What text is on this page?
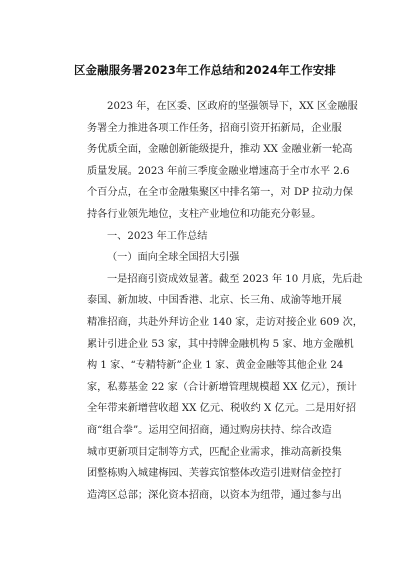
区金融服务署2023年工作总结和2024年工作安排
2023 年，在区委、区政府的坚强领导下，XX 区金融服
务署全力推进各项工作任务，招商引资开拓新局，企业服
务优质全面，金融创新能级提升，推动 XX 金融业新一轮高
质量发展。2023 年前三季度金融业增速高于全市水平 2.6
个百分点，在全市金融集聚区中排名第一，对 DP 拉动力保
持各行业领先地位，支柱产业地位和功能充分彰显。
一、2023 年工作总结
（一）面向全球全国招大引强
一是招商引资成效显著。截至 2023 年 10 月底，先后赴
泰国、新加坡、中国香港、北京、长三角、成渝等地开展
精准招商，共赴外拜访企业 140 家，走访对接企业 609 次，
累计引进企业 53 家，其中持牌金融机构 5 家、地方金融机
构 1 家、“专精特新”企业 1 家、黄金金融等其他企业 24
家，私募基金 22 家（合计新增管理规模超 XX 亿元），预计
全年带来新增营收超 XX 亿元、税收约 X 亿元。二是用好招
商“组合拳”。运用空间招商，通过购房扶持、综合改造
城市更新项目定制等方式，匹配企业需求，推动高新投集
团整栋购入城建梅园、芙蓉宾馆整体改造引进财信金控打
造湾区总部；深化资本招商，以资本为纽带，通过参与出
